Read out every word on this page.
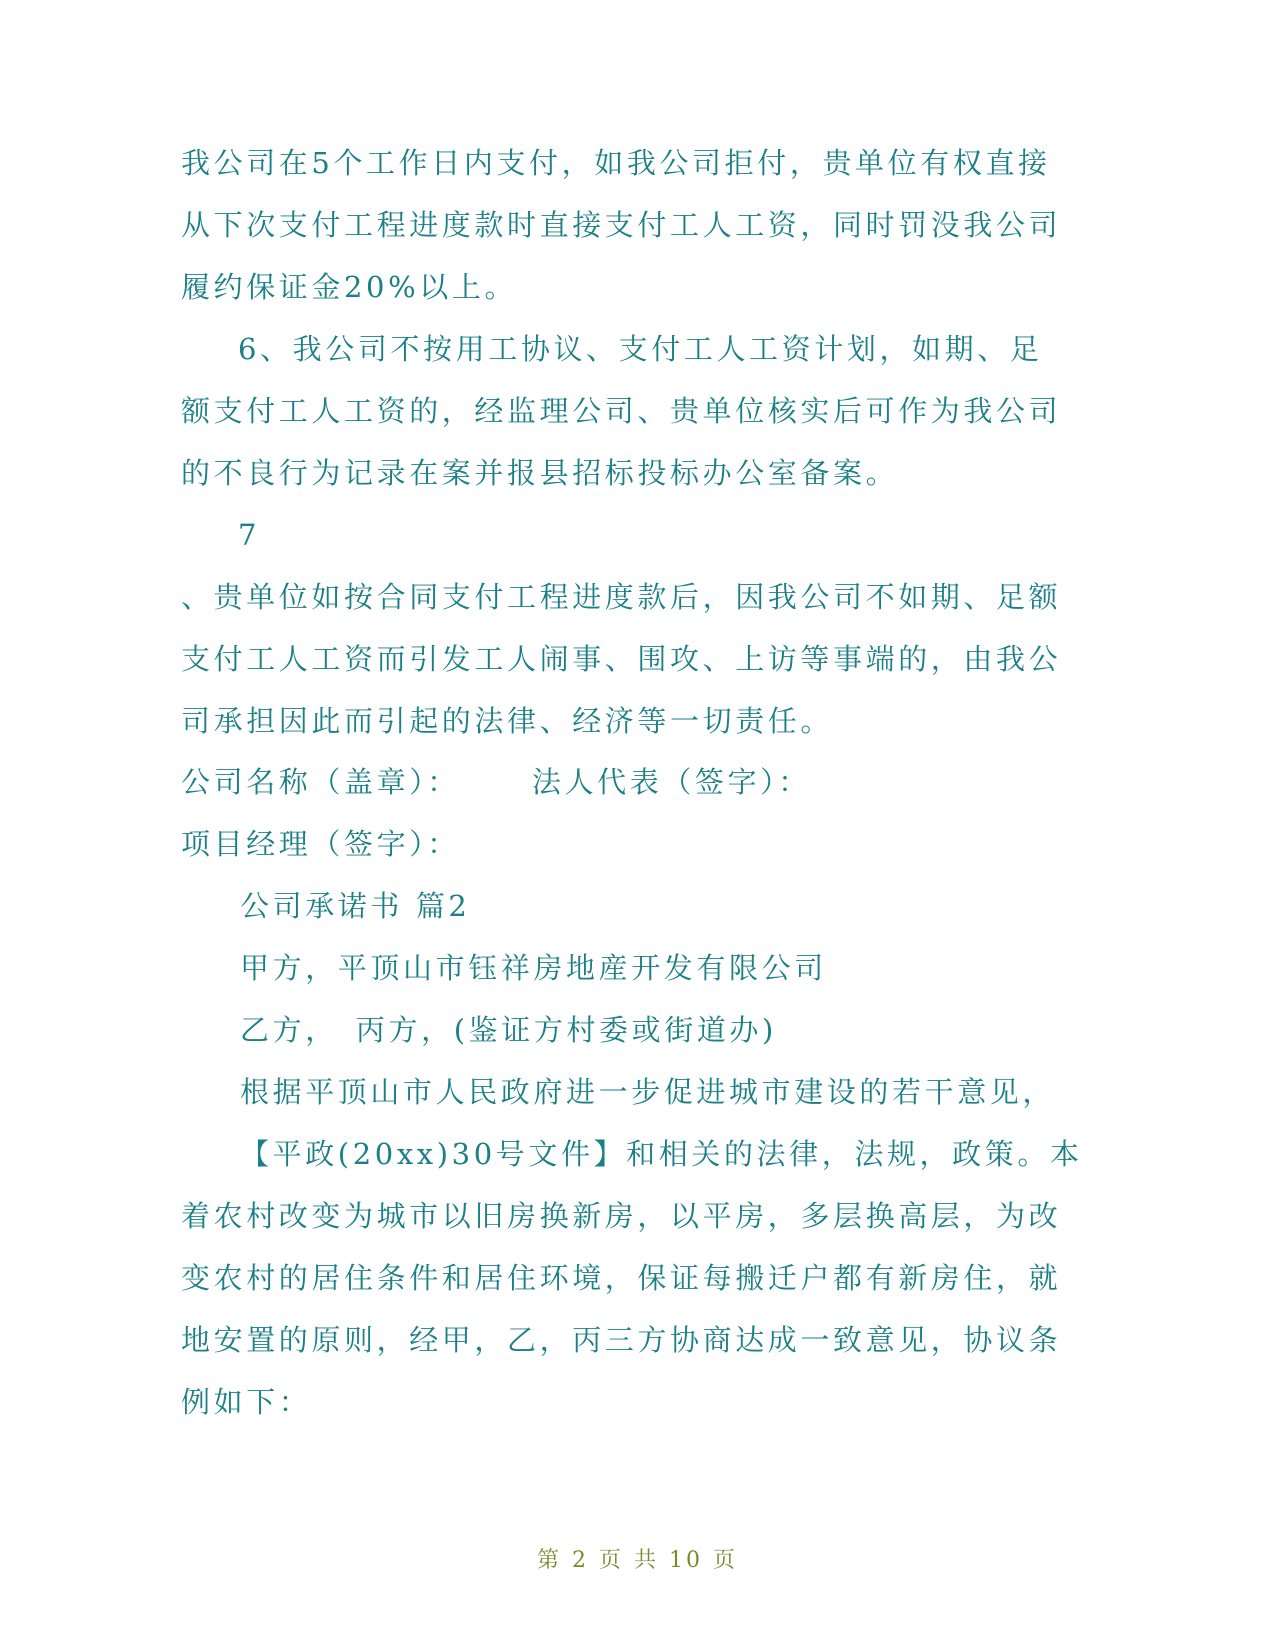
我公司在5个工作日内支付，如我公司拒付，贵单位有权直接
从下次支付工程进度款时直接支付工人工资，同时罚没我公司
履约保证金20%以上。
6、我公司不按用工协议、支付工人工资计划，如期、足
额支付工人工资的，经监理公司、贵单位核实后可作为我公司
的不良行为记录在案并报县招标投标办公室备案。
7
、贵单位如按合同支付工程进度款后，因我公司不如期、足额
支付工人工资而引发工人闹事、围攻、上访等事端的，由我公
司承担因此而引起的法律、经济等一切责任。
公司名称（盖章）： 法人代表（签字）：
项目经理（签字）：
公司承诺书 篇2
甲方，平顶山市钰祥房地産开发有限公司
乙方，　丙方，(鉴证方村委或街道办)
根据平顶山市人民政府进一步促进城市建设的若干意见，
【平政(20xx)30号文件】和相关的法律，法规，政策。本
着农村改变为城市以旧房换新房，以平房，多层换高层，为改
变农村的居住条件和居住环境，保证每搬迁户都有新房住，就
地安置的原则，经甲，乙，丙三方协商达成一致意见，协议条
例如下：
第 2 页 共 10 页
